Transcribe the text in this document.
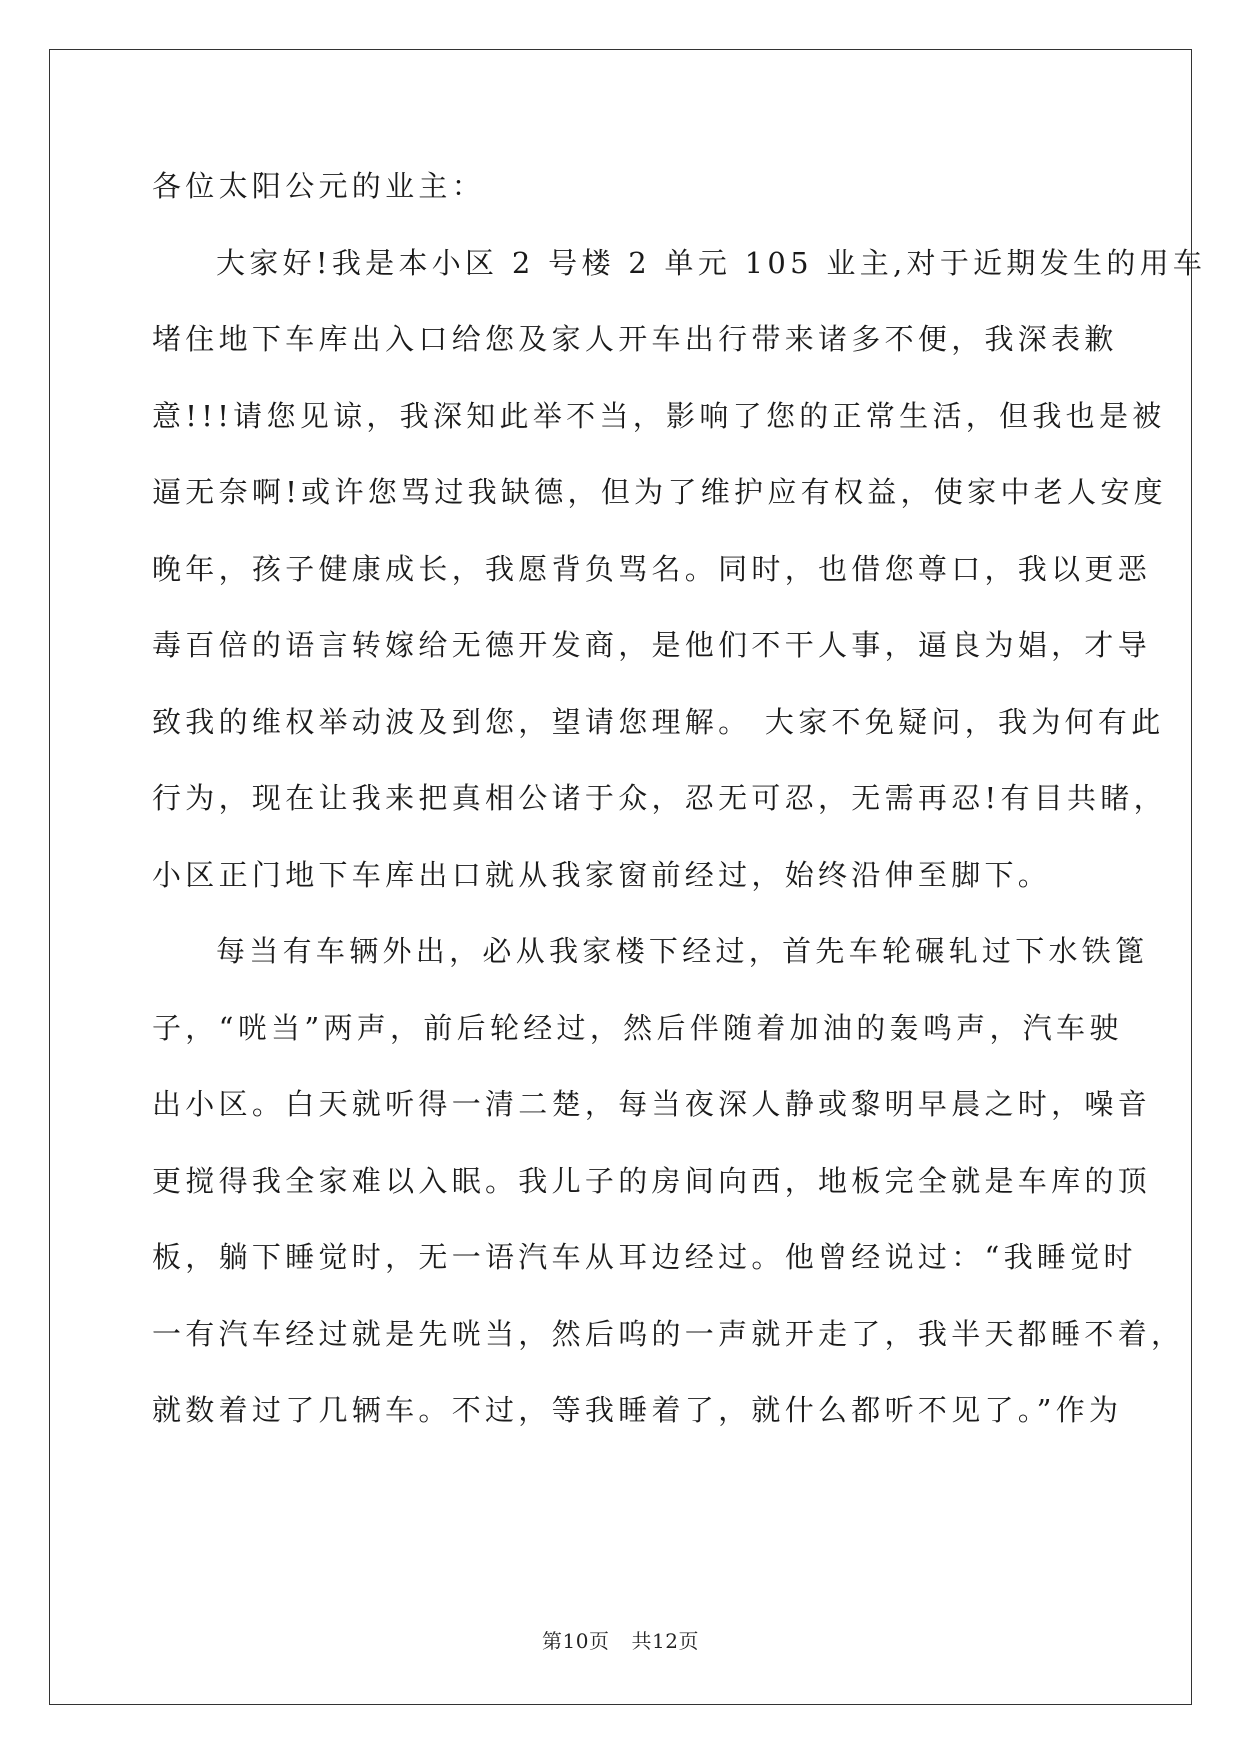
各位太阳公元的业主：
大家好!我是本小区 2 号楼 2 单元 105 业主,对于近期发生的用车
堵住地下车库出入口给您及家人开车出行带来诸多不便，我深表歉
意!!!请您见谅，我深知此举不当，影响了您的正常生活，但我也是被
逼无奈啊!或许您骂过我缺德，但为了维护应有权益，使家中老人安度
晚年，孩子健康成长，我愿背负骂名。同时，也借您尊口，我以更恶
毒百倍的语言转嫁给无德开发商，是他们不干人事，逼良为娼，才导
致我的维权举动波及到您，望请您理解。 大家不免疑问，我为何有此
行为，现在让我来把真相公诸于众，忍无可忍，无需再忍!有目共睹，
小区正门地下车库出口就从我家窗前经过，始终沿伸至脚下。
每当有车辆外出，必从我家楼下经过，首先车轮碾轧过下水铁篦
子，“咣当”两声，前后轮经过，然后伴随着加油的轰鸣声，汽车驶
出小区。白天就听得一清二楚，每当夜深人静或黎明早晨之时，噪音
更搅得我全家难以入眠。我儿子的房间向西，地板完全就是车库的顶
板，躺下睡觉时，无一语汽车从耳边经过。他曾经说过：“我睡觉时
一有汽车经过就是先咣当，然后呜的一声就开走了，我半天都睡不着，
就数着过了几辆车。不过，等我睡着了，就什么都听不见了。”作为
第10页 共12页
